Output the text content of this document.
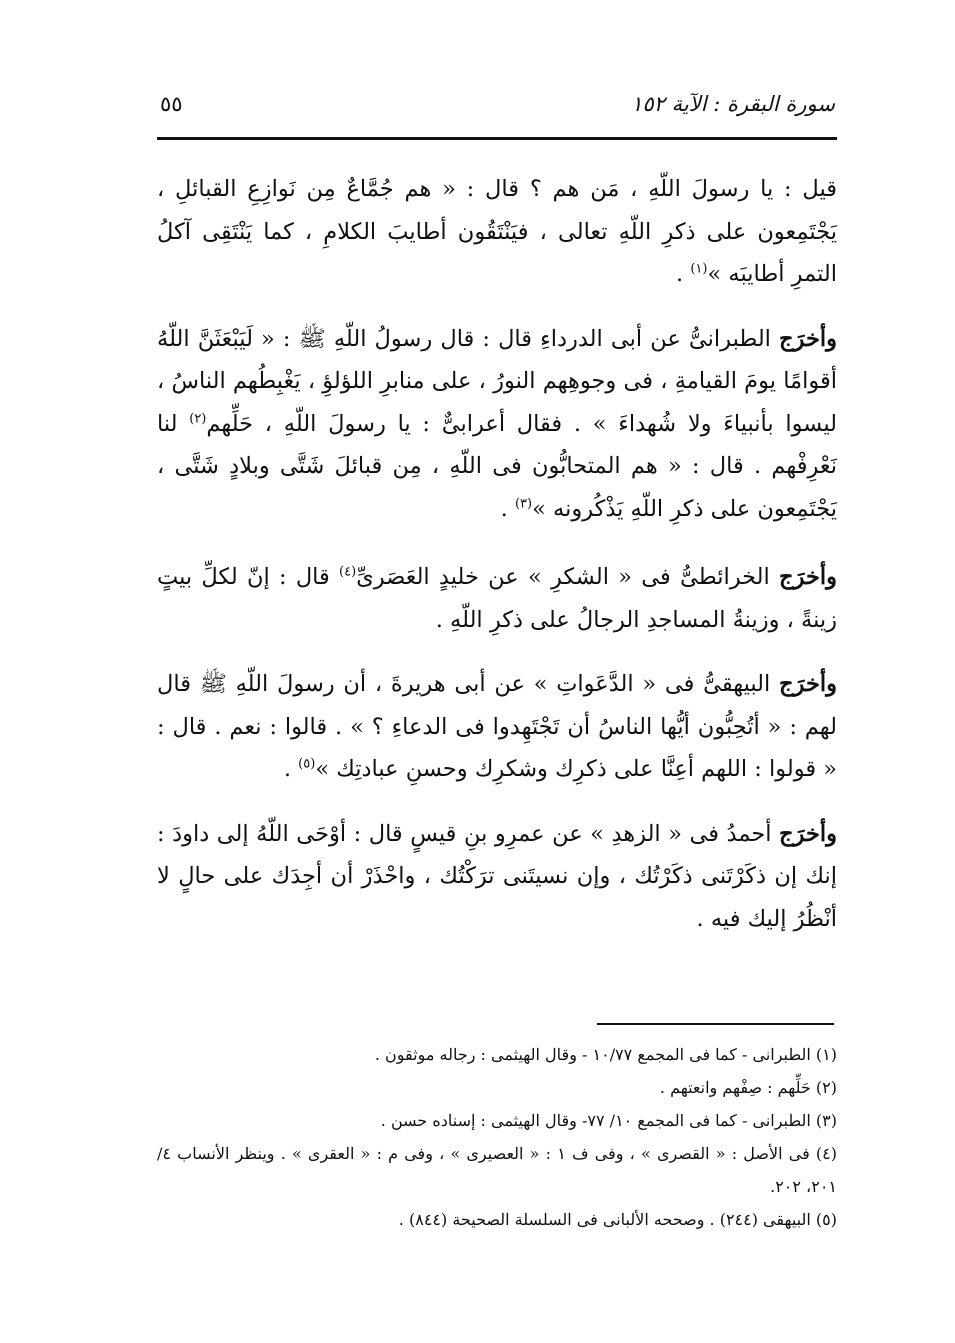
سورة البقرة : الآية ١٥٢
٥٥

قيل : يا رسولَ اللّهِ ، مَن هم ؟ قال : « هم جُمَّاعٌ مِن نَوازِعِ القبائلِ ، يَجْتَمِعون على ذكرِ اللّهِ تعالى ، فيَنْتَقُون أطايبَ الكلامِ ، كما يَنْتَقِى آكلُ التمرِ أطايبَه »$^{(١)}$ .

وأخرَج الطبرانىُّ عن أبى الدرداءِ قال : قال رسولُ اللّهِ ﷺ : « لَيَبْعَثَنَّ اللّهُ أقوامًا يومَ القيامةِ ، فى وجوهِهم النورُ ، على منابرِ اللؤلؤِ ، يَغْبِطُهم الناسُ ، ليسوا بأنبياءَ ولا شُهداءَ » . فقال أعرابىٌّ : يا رسولَ اللّهِ ، حَلِّهم$^{(٢)}$ لنا نَعْرِفْهم . قال : « هم المتحابُّون فى اللّهِ ، مِن قبائلَ شَتَّى وبلادٍ شَتَّى ، يَجْتَمِعون على ذكرِ اللّهِ يَذْكُرونه »$^{(٣)}$ .

وأخرَج الخرائطىُّ فى « الشكرِ » عن خليدٍ العَصَرىِّ$^{(٤)}$ قال : إنّ لكلِّ بيتٍ زينةً ، وزينةُ المساجدِ الرجالُ على ذكرِ اللّهِ .

وأخرَج البيهقىُّ فى « الدَّعَواتِ » عن أبى هريرةَ ، أن رسولَ اللّهِ ﷺ قال لهم : « أتُحِبُّون أيُّها الناسُ أن تَجْتَهِدوا فى الدعاءِ ؟ » . قالوا : نعم . قال : « قولوا : اللهم أعِنَّا على ذكرِك وشكرِك وحسنِ عبادتِك »$^{(٥)}$ .

وأخرَج أحمدُ فى « الزهدِ » عن عمرِو بنِ قيسٍ قال : أوْحَى اللّهُ إلى داودَ : إنك إن ذكَرْتَنى ذكَرْتُك ، وإن نسيتَنى ترَكْتُك ، واحْذَرْ أن أجِدَك على حالٍ لا أنْظُرُ إليك فيه .

(١) الطبرانى - كما فى المجمع ١٠/٧٧ - وقال الهيثمى : رجاله موثقون .

(٢) حَلِّهم : صِفْهم وانعتهم .

(٣) الطبرانى - كما فى المجمع ١٠/ ٧٧- وقال الهيثمى : إسناده حسن .

(٤) فى الأصل : « القصرى » ، وفى ف ١ : « العصيرى » ، وفى م : « العقرى » . وينظر الأنساب ٤/ ٢٠١، ٢٠٢.

(٥) البيهقى (٢٤٤) . وصححه الألبانى فى السلسلة الصحيحة (٨٤٤) .
